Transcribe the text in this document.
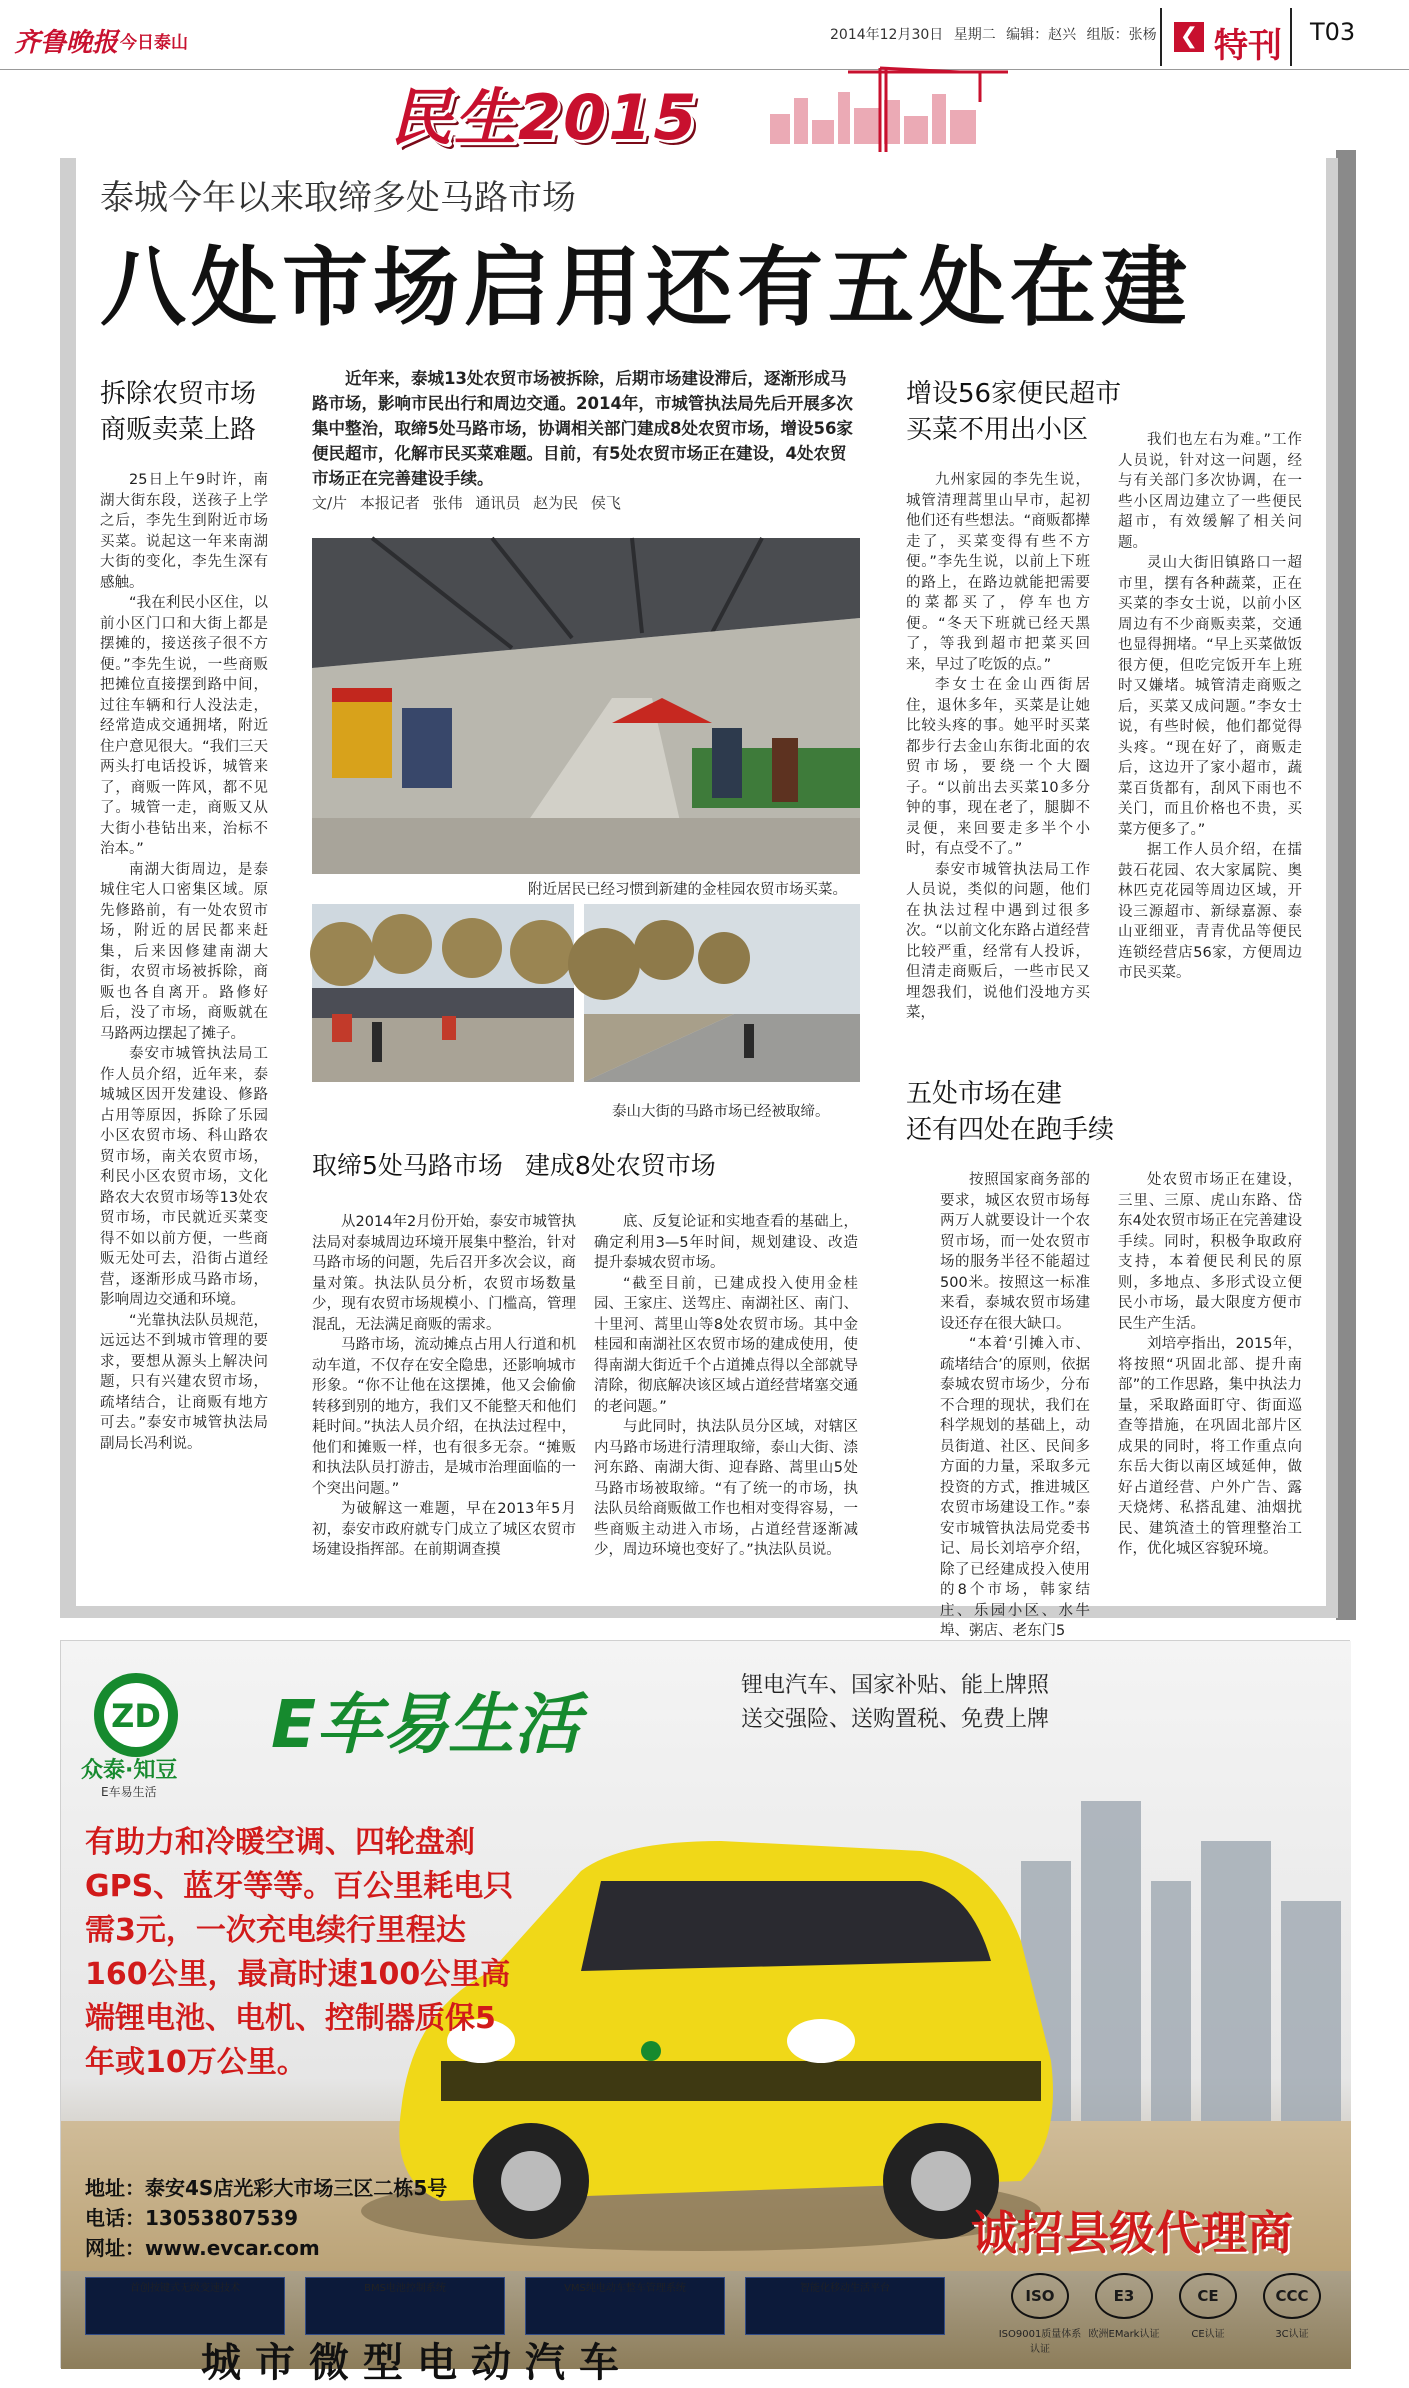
齐鲁晚报 今日泰山	2014年12月30日 星期二 编辑：赵兴 组版：张杨 ❮ 特刊 T03
民生2015
泰城今年以来取缔多处马路市场
八处市场启用还有五处在建
拆除农贸市场
商贩卖菜上路

25日上午9时许，南湖大街东段，送孩子上学之后，李先生到附近市场买菜。说起这一年来南湖大街的变化，李先生深有感触。

“我在利民小区住，以前小区门口和大街上都是摆摊的，接送孩子很不方便。”李先生说，一些商贩把摊位直接摆到路中间，过往车辆和行人没法走，经常造成交通拥堵，附近住户意见很大。“我们三天两头打电话投诉，城管来了，商贩一阵风，都不见了。城管一走，商贩又从大街小巷钻出来，治标不治本。”

南湖大街周边，是泰城住宅人口密集区域。原先修路前，有一处农贸市场，附近的居民都来赶集，后来因修建南湖大街，农贸市场被拆除，商贩也各自离开。路修好后，没了市场，商贩就在马路两边摆起了摊子。

泰安市城管执法局工作人员介绍，近年来，泰城城区因开发建设、修路占用等原因，拆除了乐园小区农贸市场、科山路农贸市场，南关农贸市场，利民小区农贸市场，文化路农大农贸市场等13处农贸市场，市民就近买菜变得不如以前方便，一些商贩无处可去，沿街占道经营，逐渐形成马路市场，影响周边交通和环境。

“光靠执法队员规范，远远达不到城市管理的要求，要想从源头上解决问题，只有兴建农贸市场，疏堵结合，让商贩有地方可去。”泰安市城管执法局副局长冯利说。

近年来，泰城13处农贸市场被拆除，后期市场建设滞后，逐渐形成马路市场，影响市民出行和周边交通。2014年，市城管执法局先后开展多次集中整治，取缔5处马路市场，协调相关部门建成8处农贸市场，增设56家便民超市，化解市民买菜难题。目前，有5处农贸市场正在建设，4处农贸市场正在完善建设手续。
文/片 本报记者 张伟 通讯员 赵为民 侯飞
附近居民已经习惯到新建的金桂园农贸市场买菜。
泰山大街的马路市场已经被取缔。
取缔5处马路市场 建成8处农贸市场

从2014年2月份开始，泰安市城管执法局对泰城周边环境开展集中整治，针对马路市场的问题，先后召开多次会议，商量对策。执法队员分析，农贸市场数量少，现有农贸市场规模小、门槛高，管理混乱，无法满足商贩的需求。

马路市场，流动摊点占用人行道和机动车道，不仅存在安全隐患，还影响城市形象。“你不让他在这摆摊，他又会偷偷转移到别的地方，我们又不能整天和他们耗时间。”执法人员介绍，在执法过程中，他们和摊贩一样，也有很多无奈。“摊贩和执法队员打游击，是城市治理面临的一个突出问题。”

为破解这一难题，早在2013年5月初，泰安市政府就专门成立了城区农贸市场建设指挥部。在前期调查摸

底、反复论证和实地查看的基础上，确定利用3—5年时间，规划建设、改造提升泰城农贸市场。

“截至目前，已建成投入使用金桂园、王家庄、送驾庄、南湖社区、南门、十里河、蒿里山等8处农贸市场。其中金桂园和南湖社区农贸市场的建成使用，使得南湖大街近千个占道摊点得以全部就导清除，彻底解决该区域占道经营堵塞交通的老问题。”

与此同时，执法队员分区域，对辖区内马路市场进行清理取缔，泰山大街、渿河东路、南湖大街、迎春路、蒿里山5处马路市场被取缔。“有了统一的市场，执法队员给商贩做工作也相对变得容易，一些商贩主动进入市场，占道经营逐渐减少，周边环境也变好了。”执法队员说。

增设56家便民超市
买菜不用出小区

九州家园的李先生说，城管清理蒿里山早市，起初他们还有些想法。“商贩都撵走了，买菜变得有些不方便。”李先生说，以前上下班的路上，在路边就能把需要的菜都买了，停车也方便。“冬天下班就已经天黑了，等我到超市把菜买回来，早过了吃饭的点。”

李女士在金山西街居住，退休多年，买菜是让她比较头疼的事。她平时买菜都步行去金山东街北面的农贸市场，要绕一个大圈子。“以前出去买菜10多分钟的事，现在老了，腿脚不灵便，来回要走多半个小时，有点受不了。”

泰安市城管执法局工作人员说，类似的问题，他们在执法过程中遇到过很多次。“以前文化东路占道经营比较严重，经常有人投诉，但清走商贩后，一些市民又埋怨我们，说他们没地方买菜，

我们也左右为难。”工作人员说，针对这一问题，经与有关部门多次协调，在一些小区周边建立了一些便民超市，有效缓解了相关问题。

灵山大街旧镇路口一超市里，摆有各种蔬菜，正在买菜的李女士说，以前小区周边有不少商贩卖菜，交通也显得拥堵。“早上买菜做饭很方便，但吃完饭开车上班时又嫌堵。城管清走商贩之后，买菜又成问题。”李女士说，有些时候，他们都觉得头疼。“现在好了，商贩走后，这边开了家小超市，蔬菜百货都有，刮风下雨也不关门，而且价格也不贵，买菜方便多了。”

据工作人员介绍，在擂鼓石花园、农大家属院、奥林匹克花园等周边区域，开设三源超市、新绿嘉源、泰山亚细亚，青青优品等便民连锁经营店56家，方便周边市民买菜。

五处市场在建
还有四处在跑手续

按照国家商务部的要求，城区农贸市场每两万人就要设计一个农贸市场，而一处农贸市场的服务半径不能超过500米。按照这一标准来看，泰城农贸市场建设还存在很大缺口。

“本着‘引摊入市、疏堵结合’的原则，依据泰城农贸市场少，分布不合理的现状，我们在科学规划的基础上，动员街道、社区、民间多方面的力量，采取多元投资的方式，推进城区农贸市场建设工作。”泰安市城管执法局党委书记、局长刘培亭介绍，除了已经建成投入使用的8个市场，韩家结庄、乐园小区、水牛埠、粥店、老东门5

处农贸市场正在建设，三里、三原、虎山东路、岱东4处农贸市场正在完善建设手续。同时，积极争取政府支持，本着便民利民的原则，多地点、多形式设立便民小市场，最大限度方便市民生产生活。

刘培亭指出，2015年，将按照“巩固北部、提升南部”的工作思路，集中执法力量，采取路面盯守、街面巡查等措施，在巩固北部片区成果的同时，将工作重点向东岳大街以南区域延伸，做好占道经营、户外广告、露天烧烤、私搭乱建、油烟扰民、建筑渣土的管理整治工作，优化城区容貌环境。

ZD
众泰·知豆
E车易生活
E车易生活
锂电汽车、国家补贴、能上牌照
送交强险、送购置税、免费上牌
有助力和冷暖空调、四轮盘刹GPS、蓝牙等等。百公里耗电只需3元，一次充电续行里程达160公里，最高时速100公里高端锂电池、电机、控制器质保5年或10万公里。
地址：泰安4S店光彩大市场三区二栋5号
电话：13053807539
网址：www.evcar.com	诚招县级代理商
首创按键式无级变速技术	BMS电池控制系统	VMS纯电动车整车管理系统	智能化移动生活平台
城市微型电动汽车
ISO	E3	CE	CCC
ISO9001质量体系认证
欧洲EMark认证	CE认证	3C认证
